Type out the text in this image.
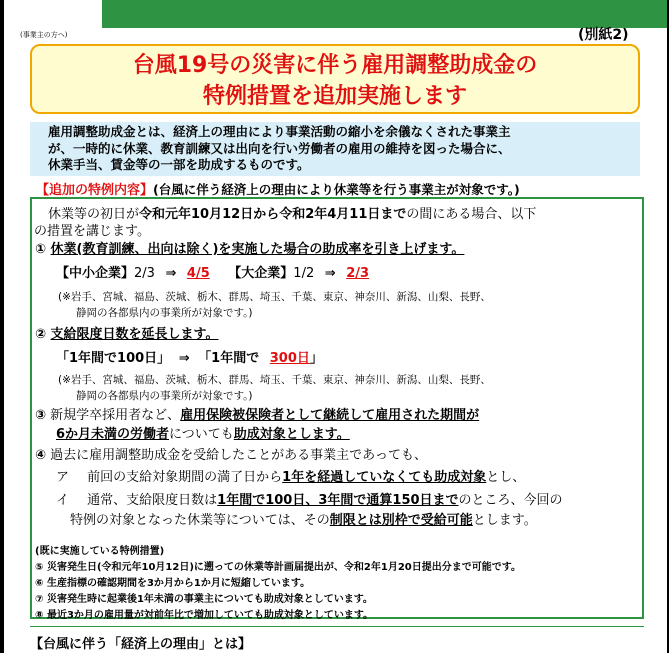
(事業主の方へ)	(別紙2)
台風19号の災害に伴う雇用調整助成金の
特例措置を追加実施します
雇用調整助成金とは、経済上の理由により事業活動の縮小を余儀なくされた事業主
が、一時的に休業、教育訓練又は出向を行い労働者の雇用の維持を図った場合に、
休業手当、賃金等の一部を助成するものです。
【追加の特例内容】(台風に伴う経済上の理由により休業等を行う事業主が対象です。)
休業等の初日が令和元年10月12日から令和2年4月11日までの間にある場合、以下
の措置を講じます。
① 休業(教育訓練、出向は除く)を実施した場合の助成率を引き上げます。
【中小企業】2/3 ⇒ 4/5 【大企業】1/2 ⇒ 2/3
(※岩手、宮城、福島、茨城、栃木、群馬、埼玉、千葉、東京、神奈川、新潟、山梨、長野、
静岡の各都県内の事業所が対象です。)
② 支給限度日数を延長します。
「1年間で100日」 ⇒ 「1年間で 300日」
(※岩手、宮城、福島、茨城、栃木、群馬、埼玉、千葉、東京、神奈川、新潟、山梨、長野、
静岡の各都県内の事業所が対象です。)
③ 新規学卒採用者など、雇用保険被保険者として継続して雇用された期間が
6か月未満の労働者についても助成対象とします。
④ 過去に雇用調整助成金を受給したことがある事業主であっても、
ア 前回の支給対象期間の満了日から1年を経過していなくても助成対象とし、
イ 通常、支給限度日数は1年間で100日、3年間で通算150日までのところ、今回の
特例の対象となった休業等については、その制限とは別枠で受給可能とします。
(既に実施している特例措置)
⑤ 災害発生日(令和元年10月12日)に遡っての休業等計画届提出が、令和2年1月20日提出分まで可能です。
⑥ 生産指標の確認期間を3か月から1か月に短縮しています。
⑦ 災害発生時に起業後1年未満の事業主についても助成対象としています。
⑧ 最近3か月の雇用量が対前年比で増加していても助成対象としています。
【台風に伴う「経済上の理由」とは】
